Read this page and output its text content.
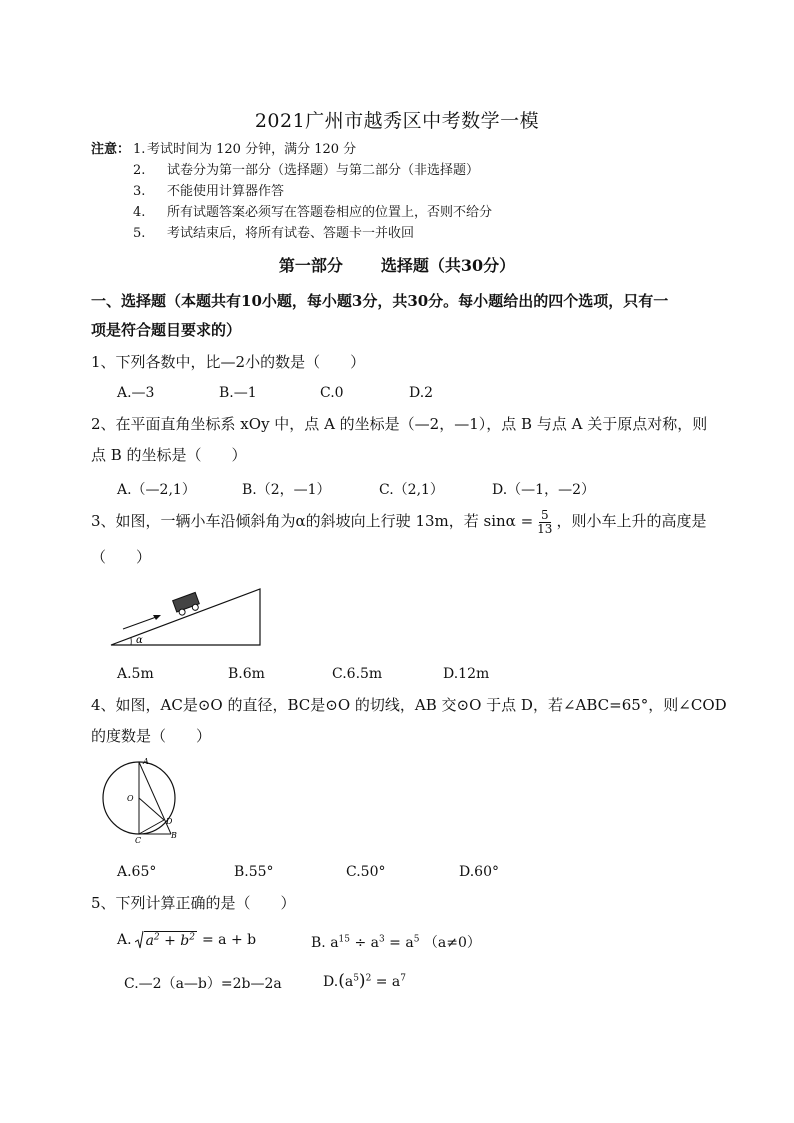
2021广州市越秀区中考数学一模
注意： 1. 考试时间为 120 分钟，满分 120 分
2.	试卷分为第一部分（选择题）与第二部分（非选择题）
3.	不能使用计算器作答
4.	所有试题答案必须写在答题卷相应的位置上，否则不给分
5.	考试结束后，将所有试卷、答题卡一并收回
第一部分 选择题（共30分）
一、选择题（本题共有10小题，每小题3分，共30分。每小题给出的四个选项，只有一
项是符合题目要求的）
1、下列各数中，比—2小的数是（　　）
A.—3	B.—1	C.0	D.2
2、在平面直角坐标系 xOy 中，点 A 的坐标是（—2，—1），点 B 与点 A 关于原点对称，则
点 B 的坐标是（　　）
A.（—2,1）	B.（2，—1）	C.（2,1）	D.（—1，—2）
3、如图，一辆小车沿倾斜角为α的斜坡向上行驶 13m，若 $\sin\alpha = \frac{5}{13}$ ，则小车上升的高度是
（　　）
α
A.5m	B.6m	C.6.5m	D.12m
4、如图，AC是⊙O 的直径，BC是⊙O 的切线，AB 交⊙O 于点 D，若∠ABC=65°，则∠COD
的度数是（　　）
A
O
C
D
B
A.65°	B.55°	C.50°	D.60°
5、下列计算正确的是（　　）
A. $a^2 + b^2 = a + b$	B. $a^{15} \div a^3 = a^5$ （a≠0）
C.—2（a—b）=2b—2a	$D.(a^5)^2 = a^7$
